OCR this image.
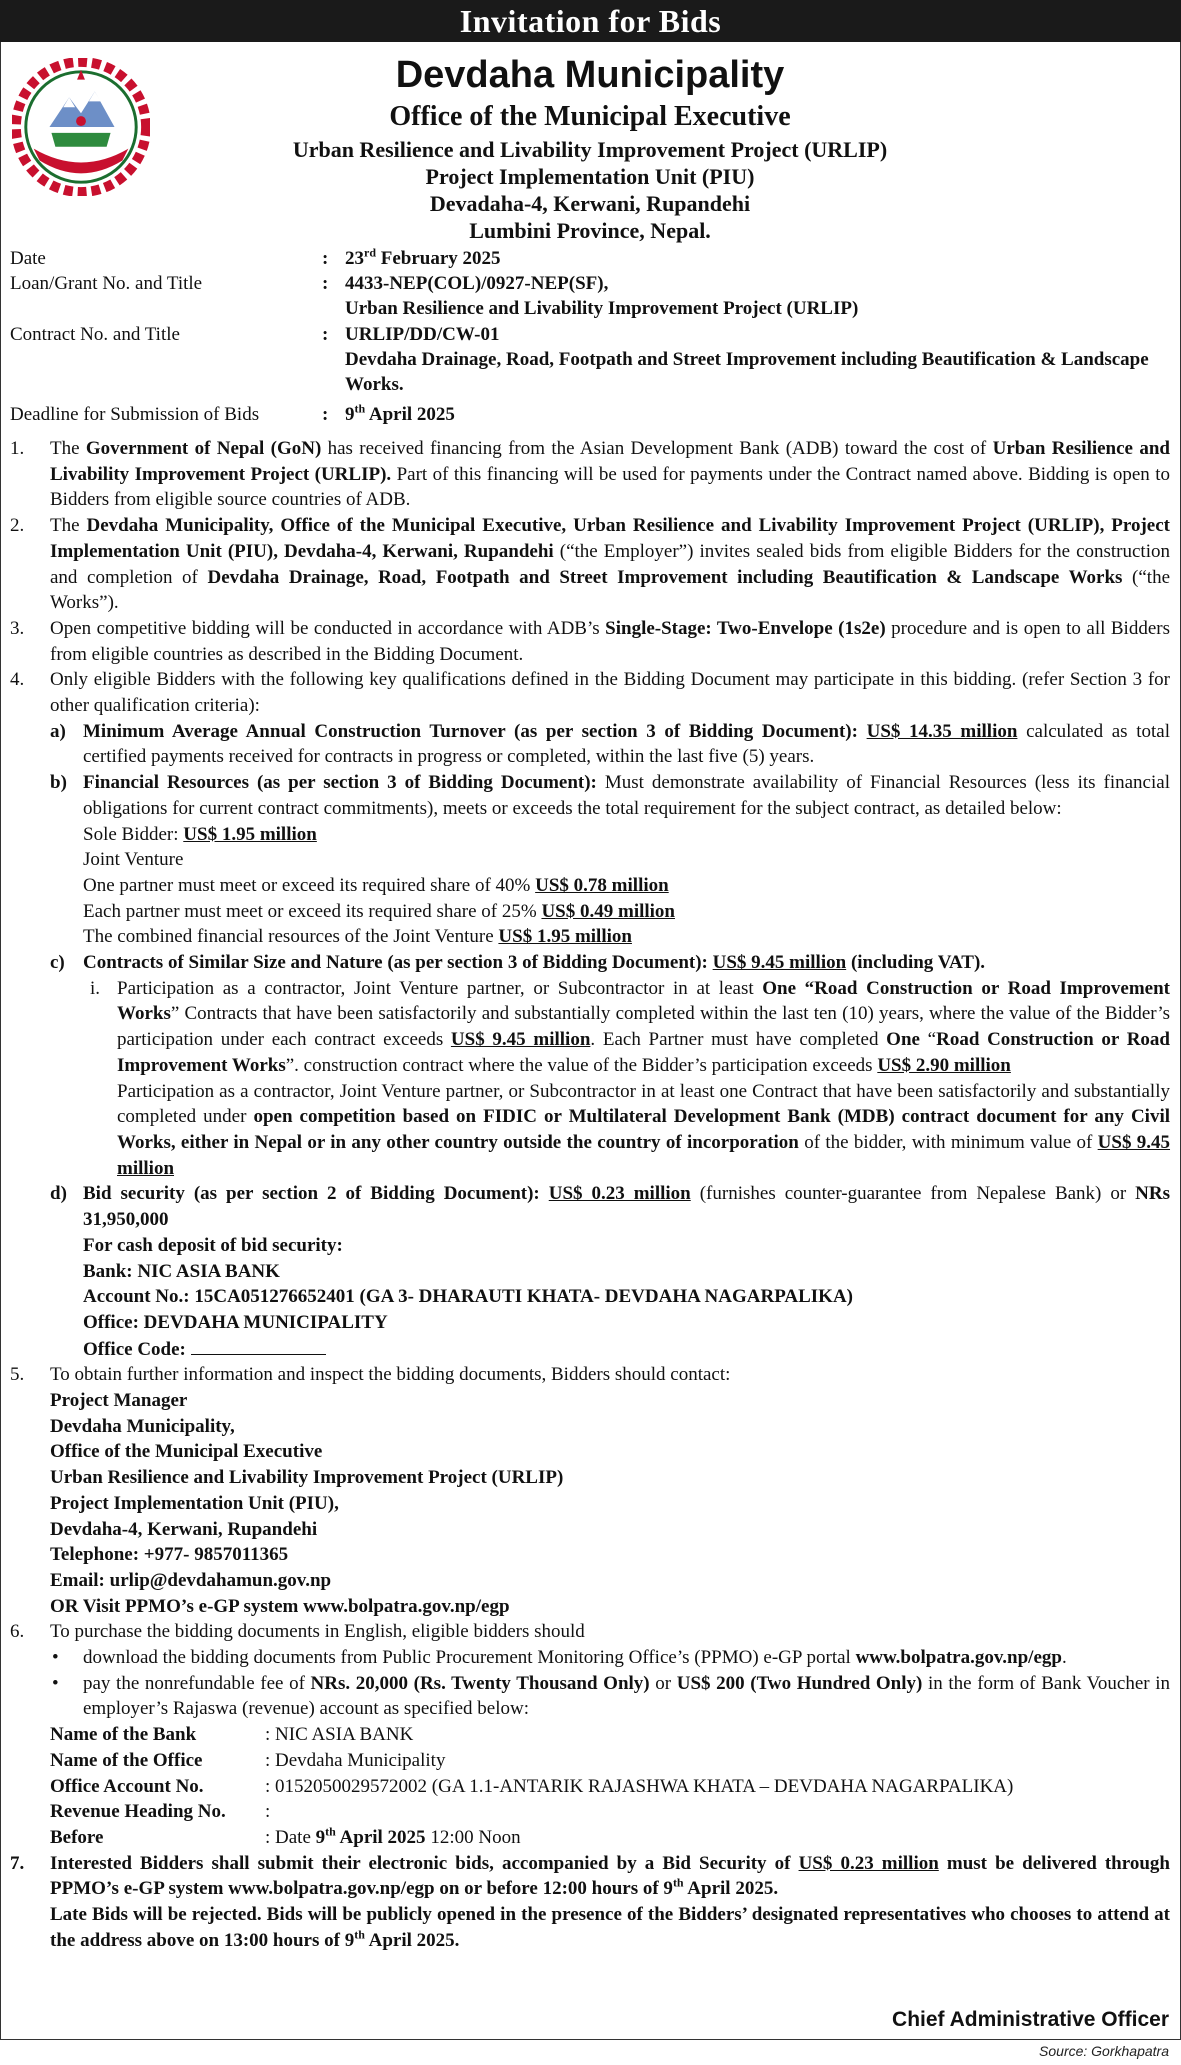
Invitation for Bids
Devdaha Municipality
Office of the Municipal Executive
Urban Resilience and Livability Improvement Project (URLIP)
Project Implementation Unit (PIU)
Devadaha-4, Kerwani, Rupandehi
Lumbini Province, Nepal.
Date	: 23rd February 2025
Loan/Grant No. and Title	: 4433-NEP(COL)/0927-NEP(SF),
Urban Resilience and Livability Improvement Project (URLIP)
Contract No. and Title	: URLIP/DD/CW-01
Devdaha Drainage, Road, Footpath and Street Improvement including Beautification & Landscape Works.
Deadline for Submission of Bids	: 9th April 2025

1. The Government of Nepal (GoN) has received financing from the Asian Development Bank (ADB) toward the cost of Urban Resilience and Livability Improvement Project (URLIP). Part of this financing will be used for payments under the Contract named above. Bidding is open to Bidders from eligible source countries of ADB.

2. The Devdaha Municipality, Office of the Municipal Executive, Urban Resilience and Livability Improvement Project (URLIP), Project Implementation Unit (PIU), Devdaha-4, Kerwani, Rupandehi (“the Employer”) invites sealed bids from eligible Bidders for the construction and completion of Devdaha Drainage, Road, Footpath and Street Improvement including Beautification & Landscape Works (“the Works”).

3. Open competitive bidding will be conducted in accordance with ADB’s Single-Stage: Two-Envelope (1s2e) procedure and is open to all Bidders from eligible countries as described in the Bidding Document.

4. Only eligible Bidders with the following key qualifications defined in the Bidding Document may participate in this bidding. (refer Section 3 for other qualification criteria):

a) Minimum Average Annual Construction Turnover (as per section 3 of Bidding Document): US$ 14.35 million calculated as total certified payments received for contracts in progress or completed, within the last five (5) years.

b) Financial Resources (as per section 3 of Bidding Document): Must demonstrate availability of Financial Resources (less its financial obligations for current contract commitments), meets or exceeds the total requirement for the subject contract, as detailed below:

Sole Bidder: US$ 1.95 million

Joint Venture

One partner must meet or exceed its required share of 40% US$ 0.78 million

Each partner must meet or exceed its required share of 25% US$ 0.49 million

The combined financial resources of the Joint Venture US$ 1.95 million

c) Contracts of Similar Size and Nature (as per section 3 of Bidding Document): US$ 9.45 million (including VAT).

i. Participation as a contractor, Joint Venture partner, or Subcontractor in at least One “Road Construction or Road Improvement Works” Contracts that have been satisfactorily and substantially completed within the last ten (10) years, where the value of the Bidder’s participation under each contract exceeds US$ 9.45 million. Each Partner must have completed One “Road Construction or Road Improvement Works”. construction contract where the value of the Bidder’s participation exceeds US$ 2.90 million

Participation as a contractor, Joint Venture partner, or Subcontractor in at least one Contract that have been satisfactorily and substantially completed under open competition based on FIDIC or Multilateral Development Bank (MDB) contract document for any Civil Works, either in Nepal or in any other country outside the country of incorporation of the bidder, with minimum value of US$ 9.45 million

d) Bid security (as per section 2 of Bidding Document): US$ 0.23 million (furnishes counter-guarantee from Nepalese Bank) or NRs 31,950,000

For cash deposit of bid security:

Bank: NIC ASIA BANK

Account No.: 15CA051276652401 (GA 3- DHARAUTI KHATA- DEVDAHA NAGARPALIKA)

Office: DEVDAHA MUNICIPALITY

Office Code:

5. To obtain further information and inspect the bidding documents, Bidders should contact:

Project Manager

Devdaha Municipality,

Office of the Municipal Executive

Urban Resilience and Livability Improvement Project (URLIP)

Project Implementation Unit (PIU),

Devdaha-4, Kerwani, Rupandehi

Telephone: +977- 9857011365

Email: urlip@devdahamun.gov.np

OR Visit PPMO’s e-GP system www.bolpatra.gov.np/egp

6. To purchase the bidding documents in English, eligible bidders should

• download the bidding documents from Public Procurement Monitoring Office’s (PPMO) e-GP portal www.bolpatra.gov.np/egp.

• pay the nonrefundable fee of NRs. 20,000 (Rs. Twenty Thousand Only) or US$ 200 (Two Hundred Only) in the form of Bank Voucher in employer’s Rajaswa (revenue) account as specified below:

Name of the Bank	: NIC ASIA BANK
Name of the Office	: Devdaha Municipality
Office Account No.	: 0152050029572002 (GA 1.1-ANTARIK RAJASHWA KHATA – DEVDAHA NAGARPALIKA)
Revenue Heading No.	:
Before	: Date 9th April 2025 12:00 Noon

7. Interested Bidders shall submit their electronic bids, accompanied by a Bid Security of US$ 0.23 million must be delivered through PPMO’s e-GP system www.bolpatra.gov.np/egp on or before 12:00 hours of 9th April 2025.

Late Bids will be rejected. Bids will be publicly opened in the presence of the Bidders’ designated representatives who chooses to attend at the address above on 13:00 hours of 9th April 2025.

Chief Administrative Officer
Source: Gorkhapatra
